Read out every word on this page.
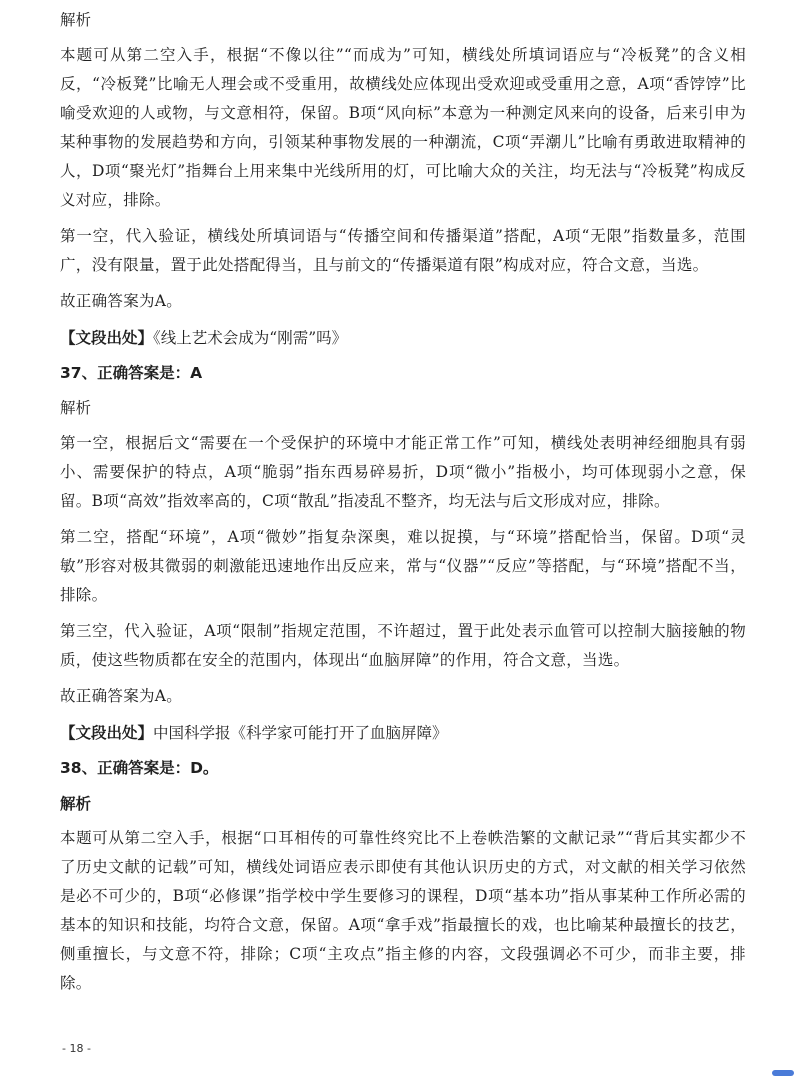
解析

本题可从第二空入手，根据“不像以往”“而成为”可知，横线处所填词语应与“冷板凳”的含义相反，“冷板凳”比喻无人理会或不受重用，故横线处应体现出受欢迎或受重用之意，A项“香饽饽”比喻受欢迎的人或物，与文意相符，保留。B项“风向标”本意为一种测定风来向的设备，后来引申为某种事物的发展趋势和方向，引领某种事物发展的一种潮流，C项“弄潮儿”比喻有勇敢进取精神的人，D项“聚光灯”指舞台上用来集中光线所用的灯，可比喻大众的关注，均无法与“冷板凳”构成反义对应，排除。

第一空，代入验证，横线处所填词语与“传播空间和传播渠道”搭配，A项“无限”指数量多，范围广，没有限量，置于此处搭配得当，且与前文的“传播渠道有限”构成对应，符合文意，当选。

故正确答案为A。

【文段出处】《线上艺术会成为“刚需”吗》
37、正确答案是：A
解析

第一空，根据后文“需要在一个受保护的环境中才能正常工作”可知，横线处表明神经细胞具有弱小、需要保护的特点，A项“脆弱”指东西易碎易折，D项“微小”指极小，均可体现弱小之意，保留。B项“高效”指效率高的，C项“散乱”指凌乱不整齐，均无法与后文形成对应，排除。

第二空，搭配“环境”，A项“微妙”指复杂深奥，难以捉摸，与“环境”搭配恰当，保留。D项“灵敏”形容对极其微弱的刺激能迅速地作出反应来，常与“仪器”“反应”等搭配，与“环境”搭配不当，排除。

第三空，代入验证，A项“限制”指规定范围，不许超过，置于此处表示血管可以控制大脑接触的物质，使这些物质都在安全的范围内，体现出“血脑屏障”的作用，符合文意，当选。

故正确答案为A。

【文段出处】中国科学报《科学家可能打开了血脑屏障》
38、正确答案是：D。
解析

本题可从第二空入手，根据“口耳相传的可靠性终究比不上卷帙浩繁的文献记录”“背后其实都少不了历史文献的记载”可知，横线处词语应表示即使有其他认识历史的方式，对文献的相关学习依然是必不可少的，B项“必修课”指学校中学生要修习的课程，D项“基本功”指从事某种工作所必需的基本的知识和技能，均符合文意，保留。A项“拿手戏”指最擅长的戏，也比喻某种最擅长的技艺，侧重擅长，与文意不符，排除；C项“主攻点”指主修的内容，文段强调必不可少，而非主要，排除。

- 18 -
